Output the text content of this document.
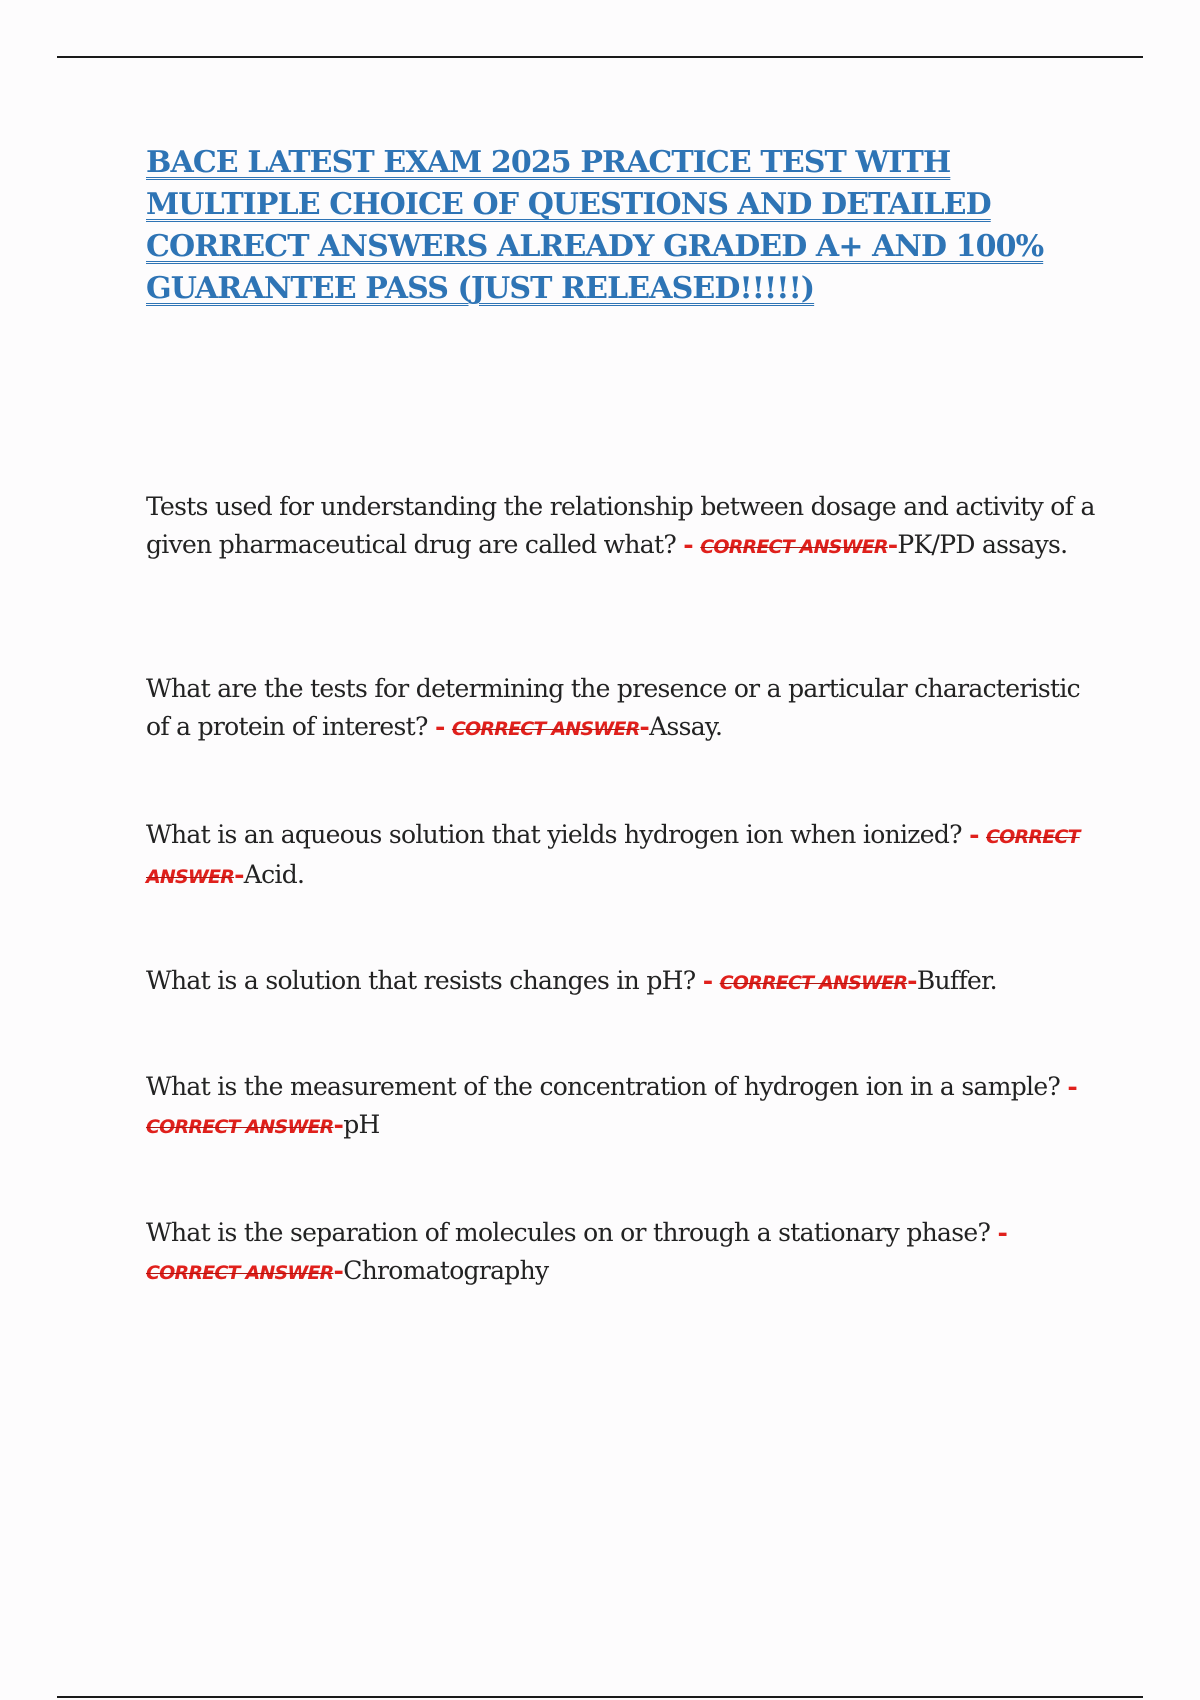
BACE LATEST EXAM 2025 PRACTICE TEST WITH MULTIPLE CHOICE OF QUESTIONS AND DETAILED CORRECT ANSWERS ALREADY GRADED A+ AND 100% GUARANTEE PASS (JUST RELEASED!!!!!)

Tests used for understanding the relationship between dosage and activity of a given pharmaceutical drug are called what? - CORRECT ANSWER-PK/PD assays.

What are the tests for determining the presence or a particular characteristic of a protein of interest? - CORRECT ANSWER-Assay.

What is an aqueous solution that yields hydrogen ion when ionized? - CORRECT ANSWER-Acid.

What is a solution that resists changes in pH? - CORRECT ANSWER-Buffer.

What is the measurement of the concentration of hydrogen ion in a sample? - CORRECT ANSWER-pH

What is the separation of molecules on or through a stationary phase? - CORRECT ANSWER-Chromatography
